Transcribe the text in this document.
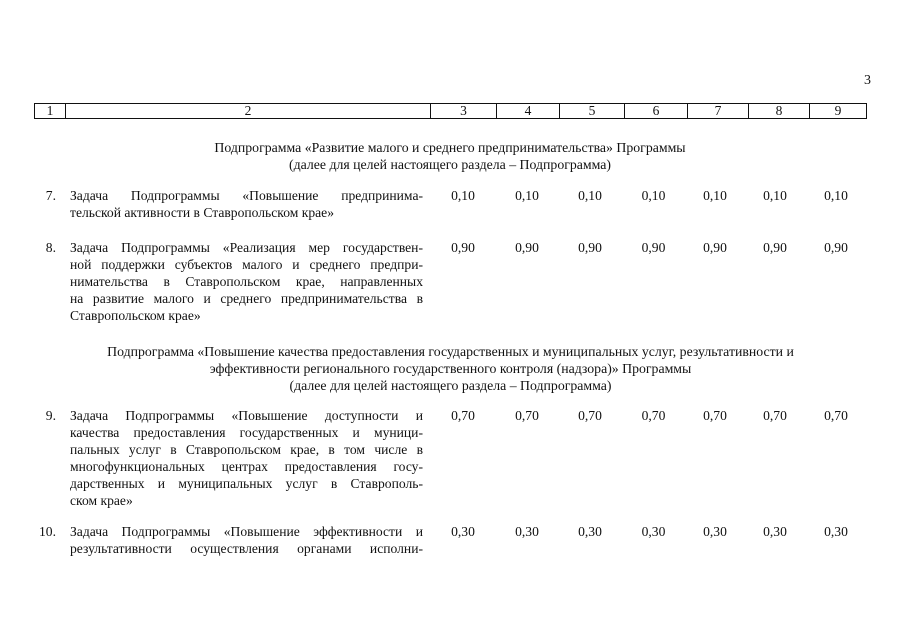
3
1	2	3	4	5	6	7	8	9
Подпрограмма «Развитие малого и среднего предпринимательства» Программы
(далее для целей настоящего раздела – Подпрограмма)
7. Задача Подпрограммы «Повышение предпринима-
тельской активности в Ставропольском крае»
0,10	0,10	0,10	0,10	0,10	0,10	0,10
8. Задача Подпрограммы «Реализация мер государствен-
ной поддержки субъектов малого и среднего предпри-
нимательства в Ставропольском крае, направленных
на развитие малого и среднего предпринимательства в
Ставропольском крае»
0,90	0,90	0,90	0,90	0,90	0,90	0,90
Подпрограмма «Повышение качества предоставления государственных и муниципальных услуг, результативности и
эффективности регионального государственного контроля (надзора)» Программы
(далее для целей настоящего раздела – Подпрограмма)
9. Задача Подпрограммы «Повышение доступности и
качества предоставления государственных и муници-
пальных услуг в Ставропольском крае, в том числе в
многофункциональных центрах предоставления госу-
дарственных и муниципальных услуг в Ставрополь-
ском крае»
0,70	0,70	0,70	0,70	0,70	0,70	0,70
10. Задача Подпрограммы «Повышение эффективности и
результативности осуществления органами исполни-
0,30	0,30	0,30	0,30	0,30	0,30	0,30
